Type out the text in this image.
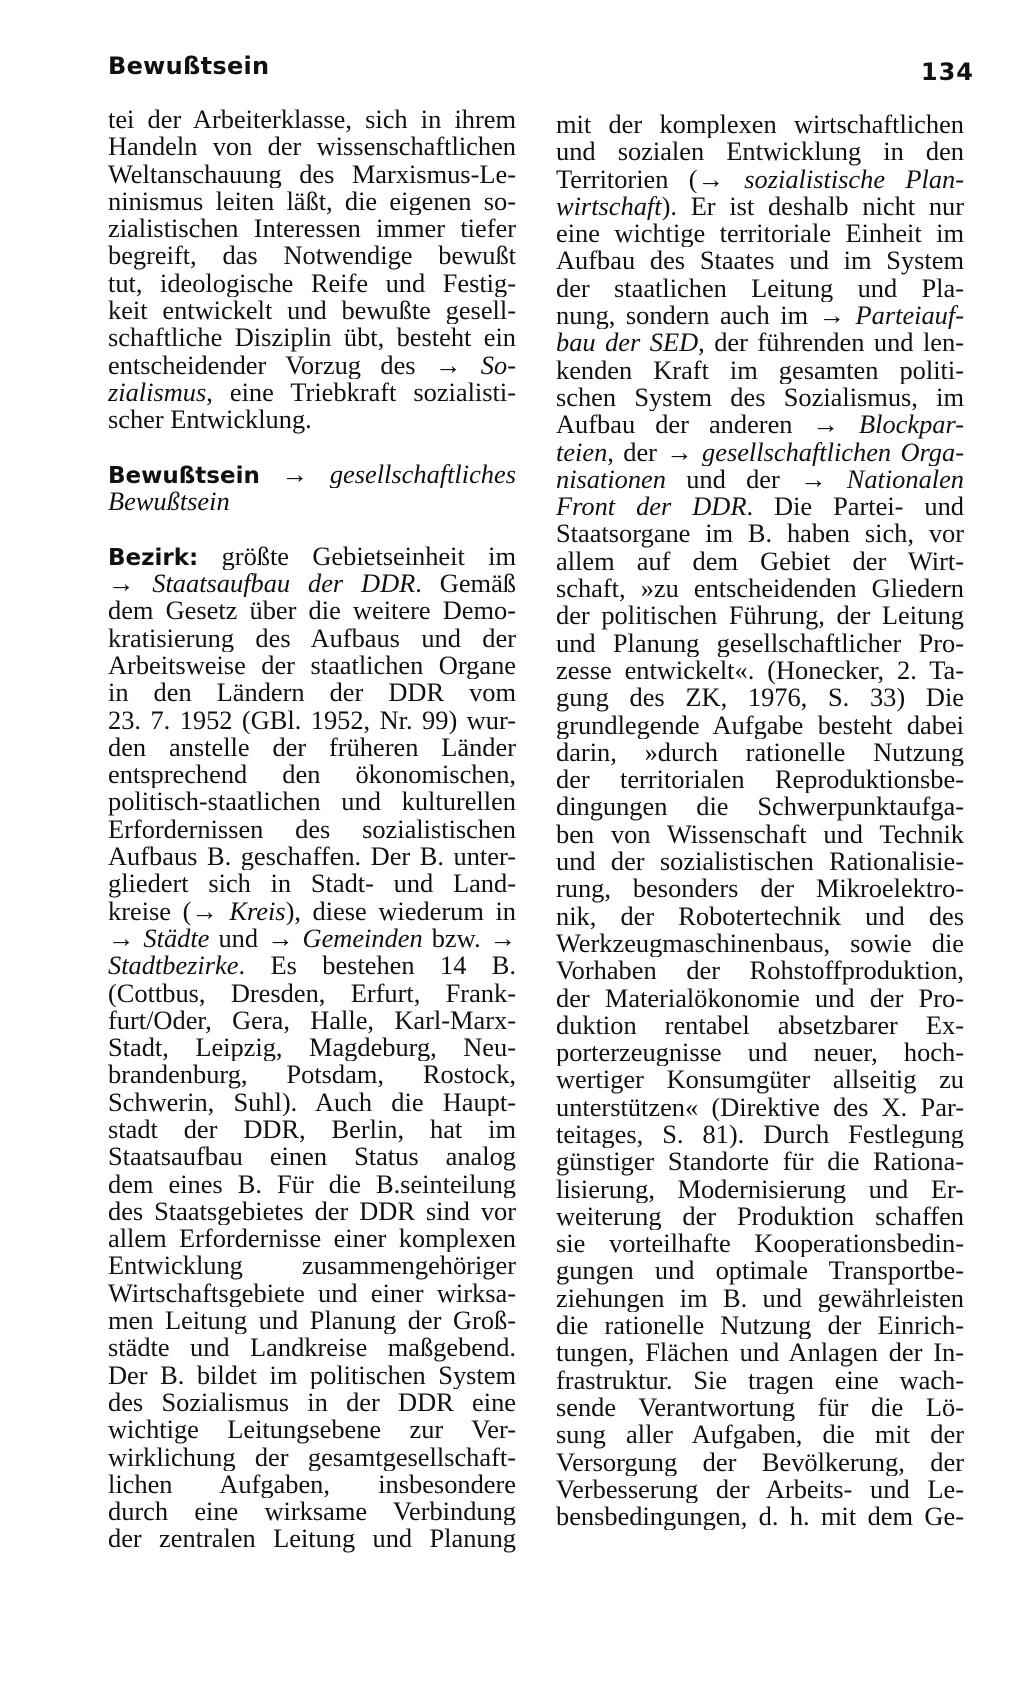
Bewußtsein	134
tei der Arbeiterklasse, sich in ihrem
Handeln von der wissenschaftlichen
Weltanschauung des Marxismus-Le-
ninismus leiten läßt, die eigenen so-
zialistischen Interessen immer tiefer
begreift, das Notwendige bewußt
tut, ideologische Reife und Festig-
keit entwickelt und bewußte gesell-
schaftliche Disziplin übt, besteht ein
entscheidender Vorzug des → So-
zialismus, eine Triebkraft sozialisti-
scher Entwicklung.
Bewußtsein → gesellschaftliches
Bewußtsein
Bezirk: größte Gebietseinheit im
→ Staatsaufbau der DDR. Gemäß
dem Gesetz über die weitere Demo-
kratisierung des Aufbaus und der
Arbeitsweise der staatlichen Organe
in den Ländern der DDR vom
23. 7. 1952 (GBl. 1952, Nr. 99) wur-
den anstelle der früheren Länder
entsprechend den ökonomischen,
politisch-staatlichen und kulturellen
Erfordernissen des sozialistischen
Aufbaus B. geschaffen. Der B. unter-
gliedert sich in Stadt- und Land-
kreise (→ Kreis), diese wiederum in
→ Städte und → Gemeinden bzw. →
Stadtbezirke. Es bestehen 14 B.
(Cottbus, Dresden, Erfurt, Frank-
furt/Oder, Gera, Halle, Karl-Marx-
Stadt, Leipzig, Magdeburg, Neu-
brandenburg, Potsdam, Rostock,
Schwerin, Suhl). Auch die Haupt-
stadt der DDR, Berlin, hat im
Staatsaufbau einen Status analog
dem eines B. Für die B.seinteilung
des Staatsgebietes der DDR sind vor
allem Erfordernisse einer komplexen
Entwicklung zusammengehöriger
Wirtschaftsgebiete und einer wirksa-
men Leitung und Planung der Groß-
städte und Landkreise maßgebend.
Der B. bildet im politischen System
des Sozialismus in der DDR eine
wichtige Leitungsebene zur Ver-
wirklichung der gesamtgesellschaft-
lichen Aufgaben, insbesondere
durch eine wirksame Verbindung
der zentralen Leitung und Planung
mit der komplexen wirtschaftlichen
und sozialen Entwicklung in den
Territorien (→ sozialistische Plan-
wirtschaft). Er ist deshalb nicht nur
eine wichtige territoriale Einheit im
Aufbau des Staates und im System
der staatlichen Leitung und Pla-
nung, sondern auch im → Parteiauf-
bau der SED, der führenden und len-
kenden Kraft im gesamten politi-
schen System des Sozialismus, im
Aufbau der anderen → Blockpar-
teien, der → gesellschaftlichen Orga-
nisationen und der → Nationalen
Front der DDR. Die Partei- und
Staatsorgane im B. haben sich, vor
allem auf dem Gebiet der Wirt-
schaft, »zu entscheidenden Gliedern
der politischen Führung, der Leitung
und Planung gesellschaftlicher Pro-
zesse entwickelt«. (Honecker, 2. Ta-
gung des ZK, 1976, S. 33) Die
grundlegende Aufgabe besteht dabei
darin, »durch rationelle Nutzung
der territorialen Reproduktionsbe-
dingungen die Schwerpunktaufga-
ben von Wissenschaft und Technik
und der sozialistischen Rationalisie-
rung, besonders der Mikroelektro-
nik, der Robotertechnik und des
Werkzeugmaschinenbaus, sowie die
Vorhaben der Rohstoffproduktion,
der Materialökonomie und der Pro-
duktion rentabel absetzbarer Ex-
porterzeugnisse und neuer, hoch-
wertiger Konsumgüter allseitig zu
unterstützen« (Direktive des X. Par-
teitages, S. 81). Durch Festlegung
günstiger Standorte für die Rationa-
lisierung, Modernisierung und Er-
weiterung der Produktion schaffen
sie vorteilhafte Kooperationsbedin-
gungen und optimale Transportbe-
ziehungen im B. und gewährleisten
die rationelle Nutzung der Einrich-
tungen, Flächen und Anlagen der In-
frastruktur. Sie tragen eine wach-
sende Verantwortung für die Lö-
sung aller Aufgaben, die mit der
Versorgung der Bevölkerung, der
Verbesserung der Arbeits- und Le-
bensbedingungen, d. h. mit dem Ge-
